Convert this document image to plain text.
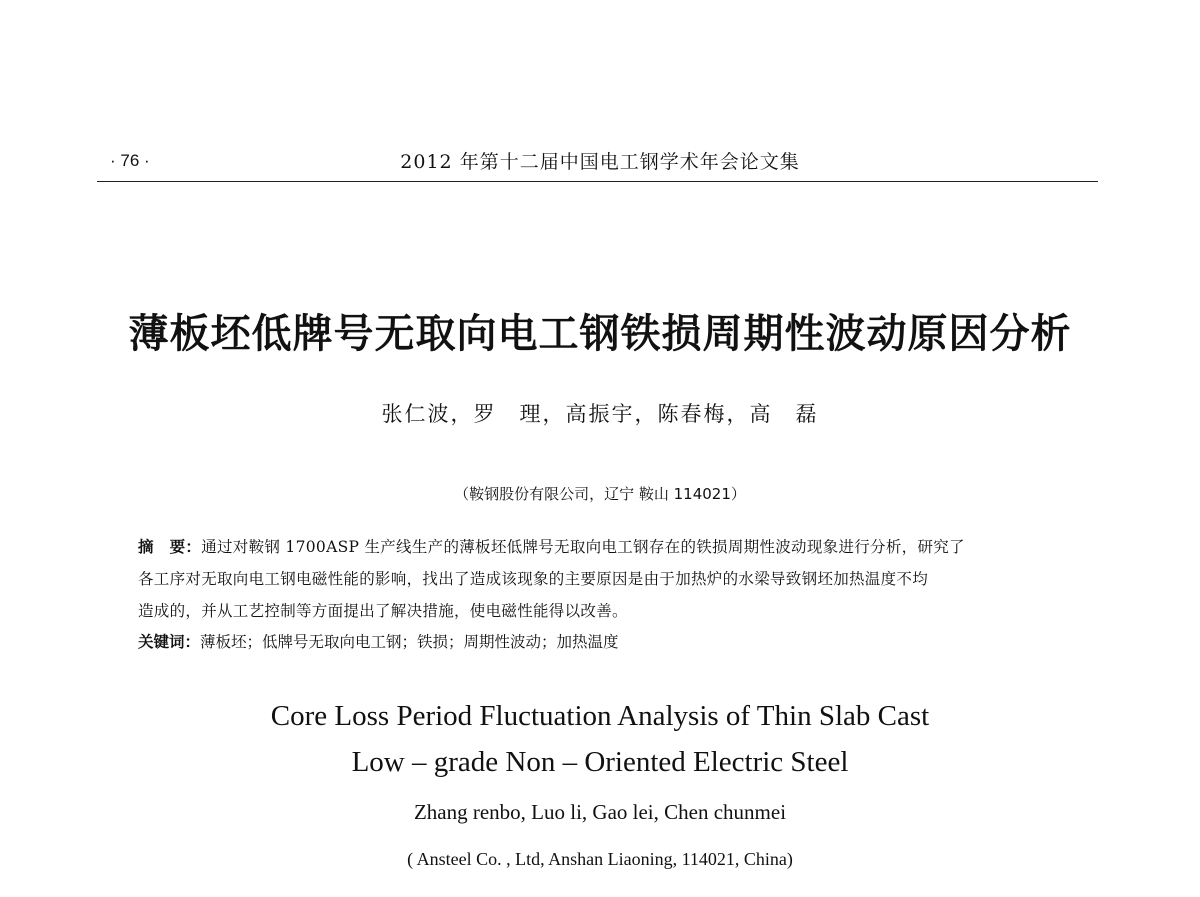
· 76 ·	2012 年第十二届中国电工钢学术年会论文集
薄板坯低牌号无取向电工钢铁损周期性波动原因分析
张仁波，罗　理，高振宇，陈春梅，高　磊
（鞍钢股份有限公司，辽宁 鞍山 114021）
摘　要：通过对鞍钢 1700ASP 生产线生产的薄板坯低牌号无取向电工钢存在的铁损周期性波动现象进行分析，研究了
各工序对无取向电工钢电磁性能的影响，找出了造成该现象的主要原因是由于加热炉的水梁导致钢坯加热温度不均
造成的，并从工艺控制等方面提出了解决措施，使电磁性能得以改善。
关键词：薄板坯；低牌号无取向电工钢；铁损；周期性波动；加热温度
Core Loss Period Fluctuation Analysis of Thin Slab Cast
Low – grade Non – Oriented Electric Steel
Zhang renbo, Luo li, Gao lei, Chen chunmei
( Ansteel Co. , Ltd, Anshan Liaoning, 114021, China)
